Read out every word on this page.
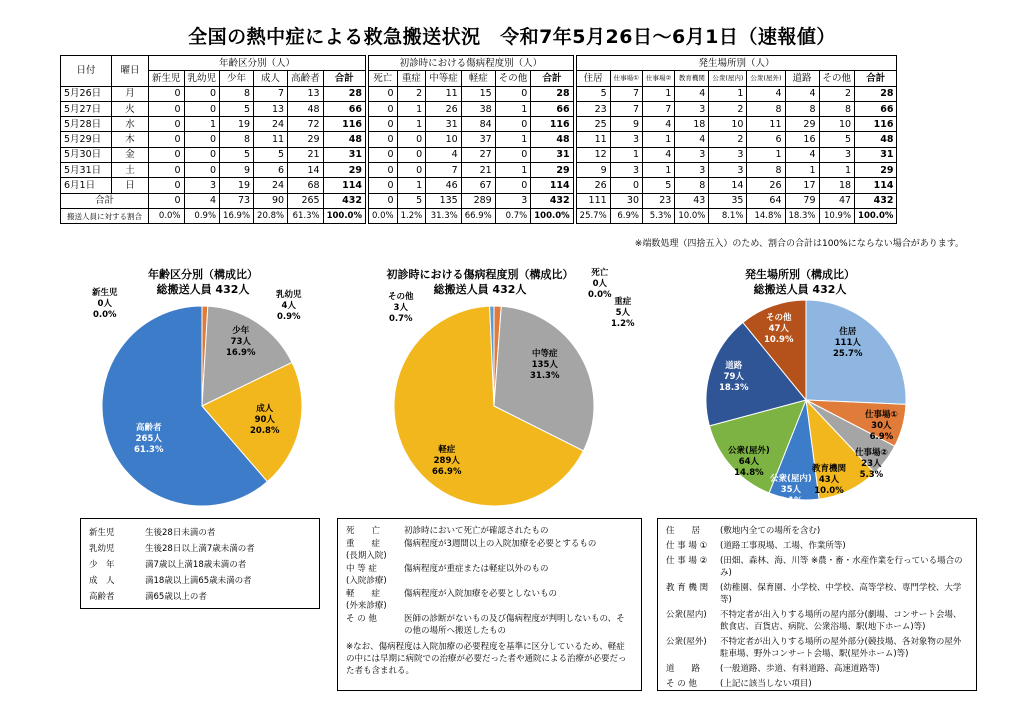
全国の熱中症による救急搬送状況　令和7年5月26日～6月1日（速報値）
日付	曜日	年齢区分別（人）							初診時における傷病程度別（人）							発生場所別（人）								
		新生児	乳幼児	少年	成人	高齢者	合計		死亡	重症	中等症	軽症	その他	合計		住居	仕事場①	仕事場②	教育機関	公衆(屋内)	公衆(屋外)	道路	その他	合計
5月26日	月	0	0	8	7	13	28		0	2	11	15	0	28		5	7	1	4	1	4	4	2	28
5月27日	火	0	0	5	13	48	66		0	1	26	38	1	66		23	7	7	3	2	8	8	8	66
5月28日	水	0	1	19	24	72	116		0	1	31	84	0	116		25	9	4	18	10	11	29	10	116
5月29日	木	0	0	8	11	29	48		0	0	10	37	1	48		11	3	1	4	2	6	16	5	48
5月30日	金	0	0	5	5	21	31		0	0	4	27	0	31		12	1	4	3	3	1	4	3	31
5月31日	土	0	0	9	6	14	29		0	0	7	21	1	29		9	3	1	3	3	8	1	1	29
6月1日	日	0	3	19	24	68	114		0	1	46	67	0	114		26	0	5	8	14	26	17	18	114
合計		0	4	73	90	265	432		0	5	135	289	3	432		111	30	23	43	35	64	79	47	432
搬送人員に対する割合		0.0%	0.9%	16.9%	20.8%	61.3%	100.0%		0.0%	1.2%	31.3%	66.9%	0.7%	100.0%		25.7%	6.9%	5.3%	10.0%	8.1%	14.8%	18.3%	10.9%	100.0%
※端数処理（四捨五入）のため、割合の合計は100%にならない場合があります。
年齢区分別（構成比）
総搬送人員 432人
新生児
0人
0.0%
乳幼児
4人
0.9%
少年
73人
16.9%
成人
90人
20.8%
高齢者
265人
61.3%
初診時における傷病程度別（構成比）
総搬送人員 432人
死亡
0人
0.0%
重症
5人
1.2%
中等症
135人
31.3%
軽症
289人
66.9%
その他
3人
0.7%
発生場所別（構成比）
総搬送人員 432人
住居
111人
25.7%
仕事場①
30人
6.9%
仕事場②
23人
5.3%
教育機関
43人
10.0%
公衆(屋内)
35人
8.1%
公衆(屋外)
64人
14.8%
道路
79人
18.3%
その他
47人
10.9%
新生児	生後28日未満の者
乳幼児	生後28日以上満7歳未満の者
少　年	満7歳以上満18歳未満の者
成　人	満18歳以上満65歳未満の者
高齢者	満65歳以上の者
死　　亡	初診時において死亡が確認されたもの
重　　症
(長期入院)
傷病程度が3週間以上の入院加療を必要とするもの
中 等 症
(入院診療)
傷病程度が重症または軽症以外のもの
軽　　症
(外来診療)
傷病程度が入院加療を必要としないもの
そ の 他	医師の診断がないもの及び傷病程度が判明しないもの、その他の場所へ搬送したもの
※なお、傷病程度は入院加療の必要程度を基準に区分しているため、軽症の中には早期に病院での治療が必要だった者や通院による治療が必要だった者も含まれる。
住　　居	(敷地内全ての場所を含む)
仕 事 場 ①	(道路工事現場、工場、作業所等)
仕 事 場 ②	(田畑、森林、海、川等 ※農・畜・水産作業を行っている場合のみ)
教 育 機 関	(幼稚園、保育園、小学校、中学校、高等学校、専門学校、大学等)
公衆(屋内)	不特定者が出入りする場所の屋内部分(劇場、コンサート会場、飲食店、百貨店、病院、公衆浴場、駅(地下ホーム)等)
公衆(屋外)	不特定者が出入りする場所の屋外部分(競技場、各対象物の屋外駐車場、野外コンサート会場、駅(屋外ホーム)等)
道　　路	(一般道路、歩道、有料道路、高速道路等)
そ の 他	(上記に該当しない項目)
